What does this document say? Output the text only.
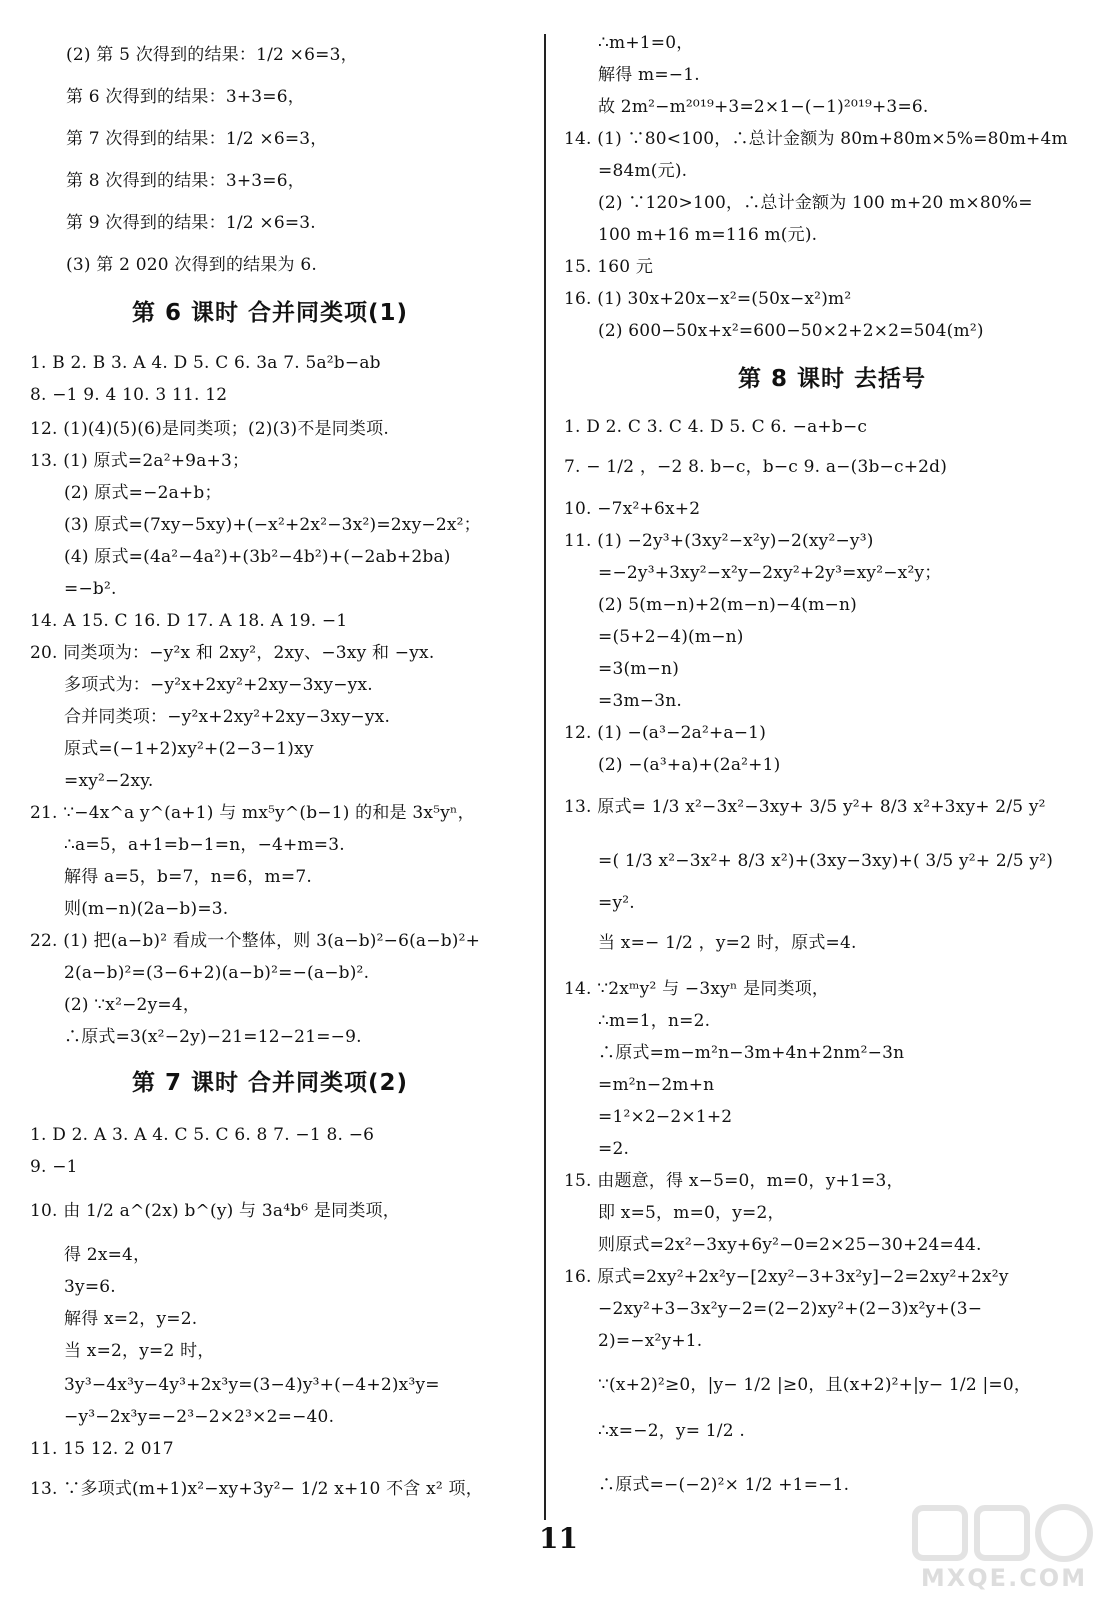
第 6 课时 合并同类项(1)
第 7 课时 合并同类项(2)
(2) 第 5 次得到的结果：1/2 ×6=3，
第 6 次得到的结果：3+3=6，
第 7 次得到的结果：1/2 ×6=3，
第 8 次得到的结果：3+3=6，
第 9 次得到的结果：1/2 ×6=3.
(3) 第 2 020 次得到的结果为 6.
1. B 2. B 3. A 4. D 5. C 6. 3a 7. 5a²b−ab
8. −1 9. 4 10. 3 11. 12
12. (1)(4)(5)(6)是同类项；(2)(3)不是同类项.
13. (1) 原式=2a²+9a+3；
(2) 原式=−2a+b；
(3) 原式=(7xy−5xy)+(−x²+2x²−3x²)=2xy−2x²；
(4) 原式=(4a²−4a²)+(3b²−4b²)+(−2ab+2ba)
=−b².
14. A 15. C 16. D 17. A 18. A 19. −1
20. 同类项为：−y²x 和 2xy²，2xy、−3xy 和 −yx.
多项式为：−y²x+2xy²+2xy−3xy−yx.
合并同类项：−y²x+2xy²+2xy−3xy−yx.
原式=(−1+2)xy²+(2−3−1)xy
=xy²−2xy.
21. ∵−4x^a y^(a+1) 与 mx⁵y^(b−1) 的和是 3x⁵yⁿ，
∴a=5，a+1=b−1=n，−4+m=3.
解得 a=5，b=7，n=6，m=7.
则(m−n)(2a−b)=3.
22. (1) 把(a−b)² 看成一个整体，则 3(a−b)²−6(a−b)²+
2(a−b)²=(3−6+2)(a−b)²=−(a−b)².
(2) ∵x²−2y=4，
∴原式=3(x²−2y)−21=12−21=−9.
1. D 2. A 3. A 4. C 5. C 6. 8 7. −1 8. −6
9. −1
10. 由 1/2 a^(2x) b^(y) 与 3a⁴b⁶ 是同类项，
得 2x=4，
3y=6.
解得 x=2，y=2.
当 x=2，y=2 时，
3y³−4x³y−4y³+2x³y=(3−4)y³+(−4+2)x³y=
−y³−2x³y=−2³−2×2³×2=−40.
11. 15 12. 2 017
13. ∵多项式(m+1)x²−xy+3y²− 1/2 x+10 不含 x² 项，
第 8 课时 去括号
∴m+1=0，
解得 m=−1.
故 2m²−m²⁰¹⁹+3=2×1−(−1)²⁰¹⁹+3=6.
14. (1) ∵80<100，∴总计金额为 80m+80m×5%=80m+4m
=84m(元).
(2) ∵120>100，∴总计金额为 100 m+20 m×80%=
100 m+16 m=116 m(元).
15. 160 元
16. (1) 30x+20x−x²=(50x−x²)m²
(2) 600−50x+x²=600−50×2+2×2=504(m²)
1. D 2. C 3. C 4. D 5. C 6. −a+b−c
7. − 1/2 ，−2 8. b−c，b−c 9. a−(3b−c+2d)
10. −7x²+6x+2
11. (1) −2y³+(3xy²−x²y)−2(xy²−y³)
=−2y³+3xy²−x²y−2xy²+2y³=xy²−x²y；
(2) 5(m−n)+2(m−n)−4(m−n)
=(5+2−4)(m−n)
=3(m−n)
=3m−3n.
12. (1) −(a³−2a²+a−1)
(2) −(a³+a)+(2a²+1)
13. 原式= 1/3 x²−3x²−3xy+ 3/5 y²+ 8/3 x²+3xy+ 2/5 y²
=( 1/3 x²−3x²+ 8/3 x²)+(3xy−3xy)+( 3/5 y²+ 2/5 y²)
=y².
当 x=− 1/2 ，y=2 时，原式=4.
14. ∵2xᵐy² 与 −3xyⁿ 是同类项，
∴m=1，n=2.
∴原式=m−m²n−3m+4n+2nm²−3n
=m²n−2m+n
=1²×2−2×1+2
=2.
15. 由题意，得 x−5=0，m=0，y+1=3，
即 x=5，m=0，y=2，
则原式=2x²−3xy+6y²−0=2×25−30+24=44.
16. 原式=2xy²+2x²y−[2xy²−3+3x²y]−2=2xy²+2x²y
−2xy²+3−3x²y−2=(2−2)xy²+(2−3)x²y+(3−
2)=−x²y+1.
∵(x+2)²≥0，|y− 1/2 |≥0，且(x+2)²+|y− 1/2 |=0，
∴x=−2，y= 1/2 .
∴原式=−(−2)²× 1/2 +1=−1.
11
MXQE.COM
